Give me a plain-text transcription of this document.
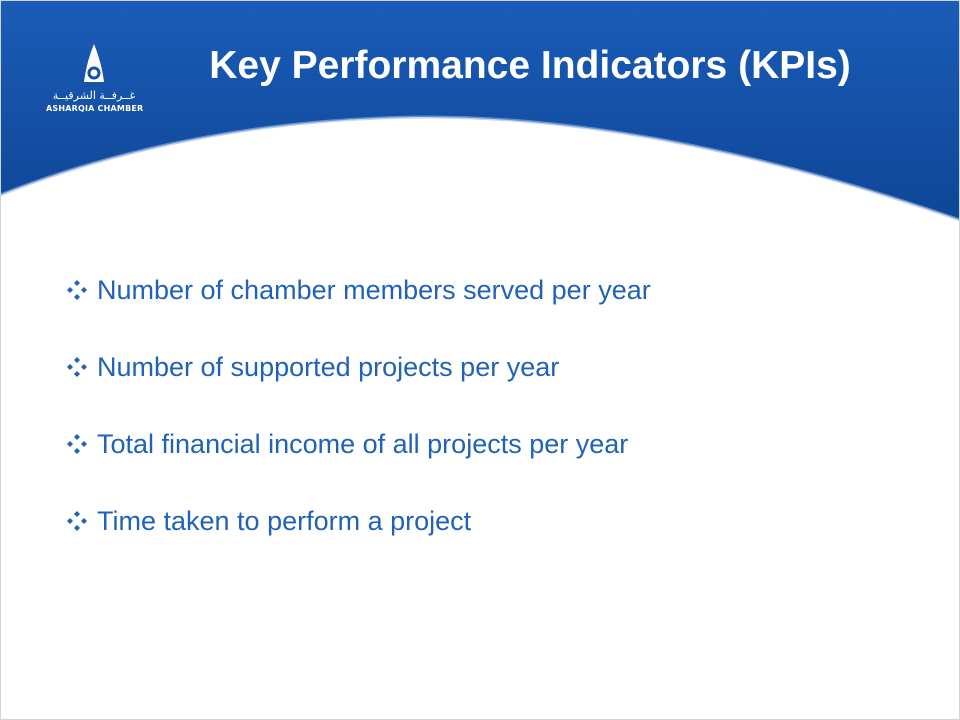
غــرفــة الشرقيــة
ASHARQIA CHAMBER
Key Performance Indicators (KPIs)
Number of chamber members served per year
Number of supported projects per year
Total financial income of all projects per year
Time taken to perform a project
